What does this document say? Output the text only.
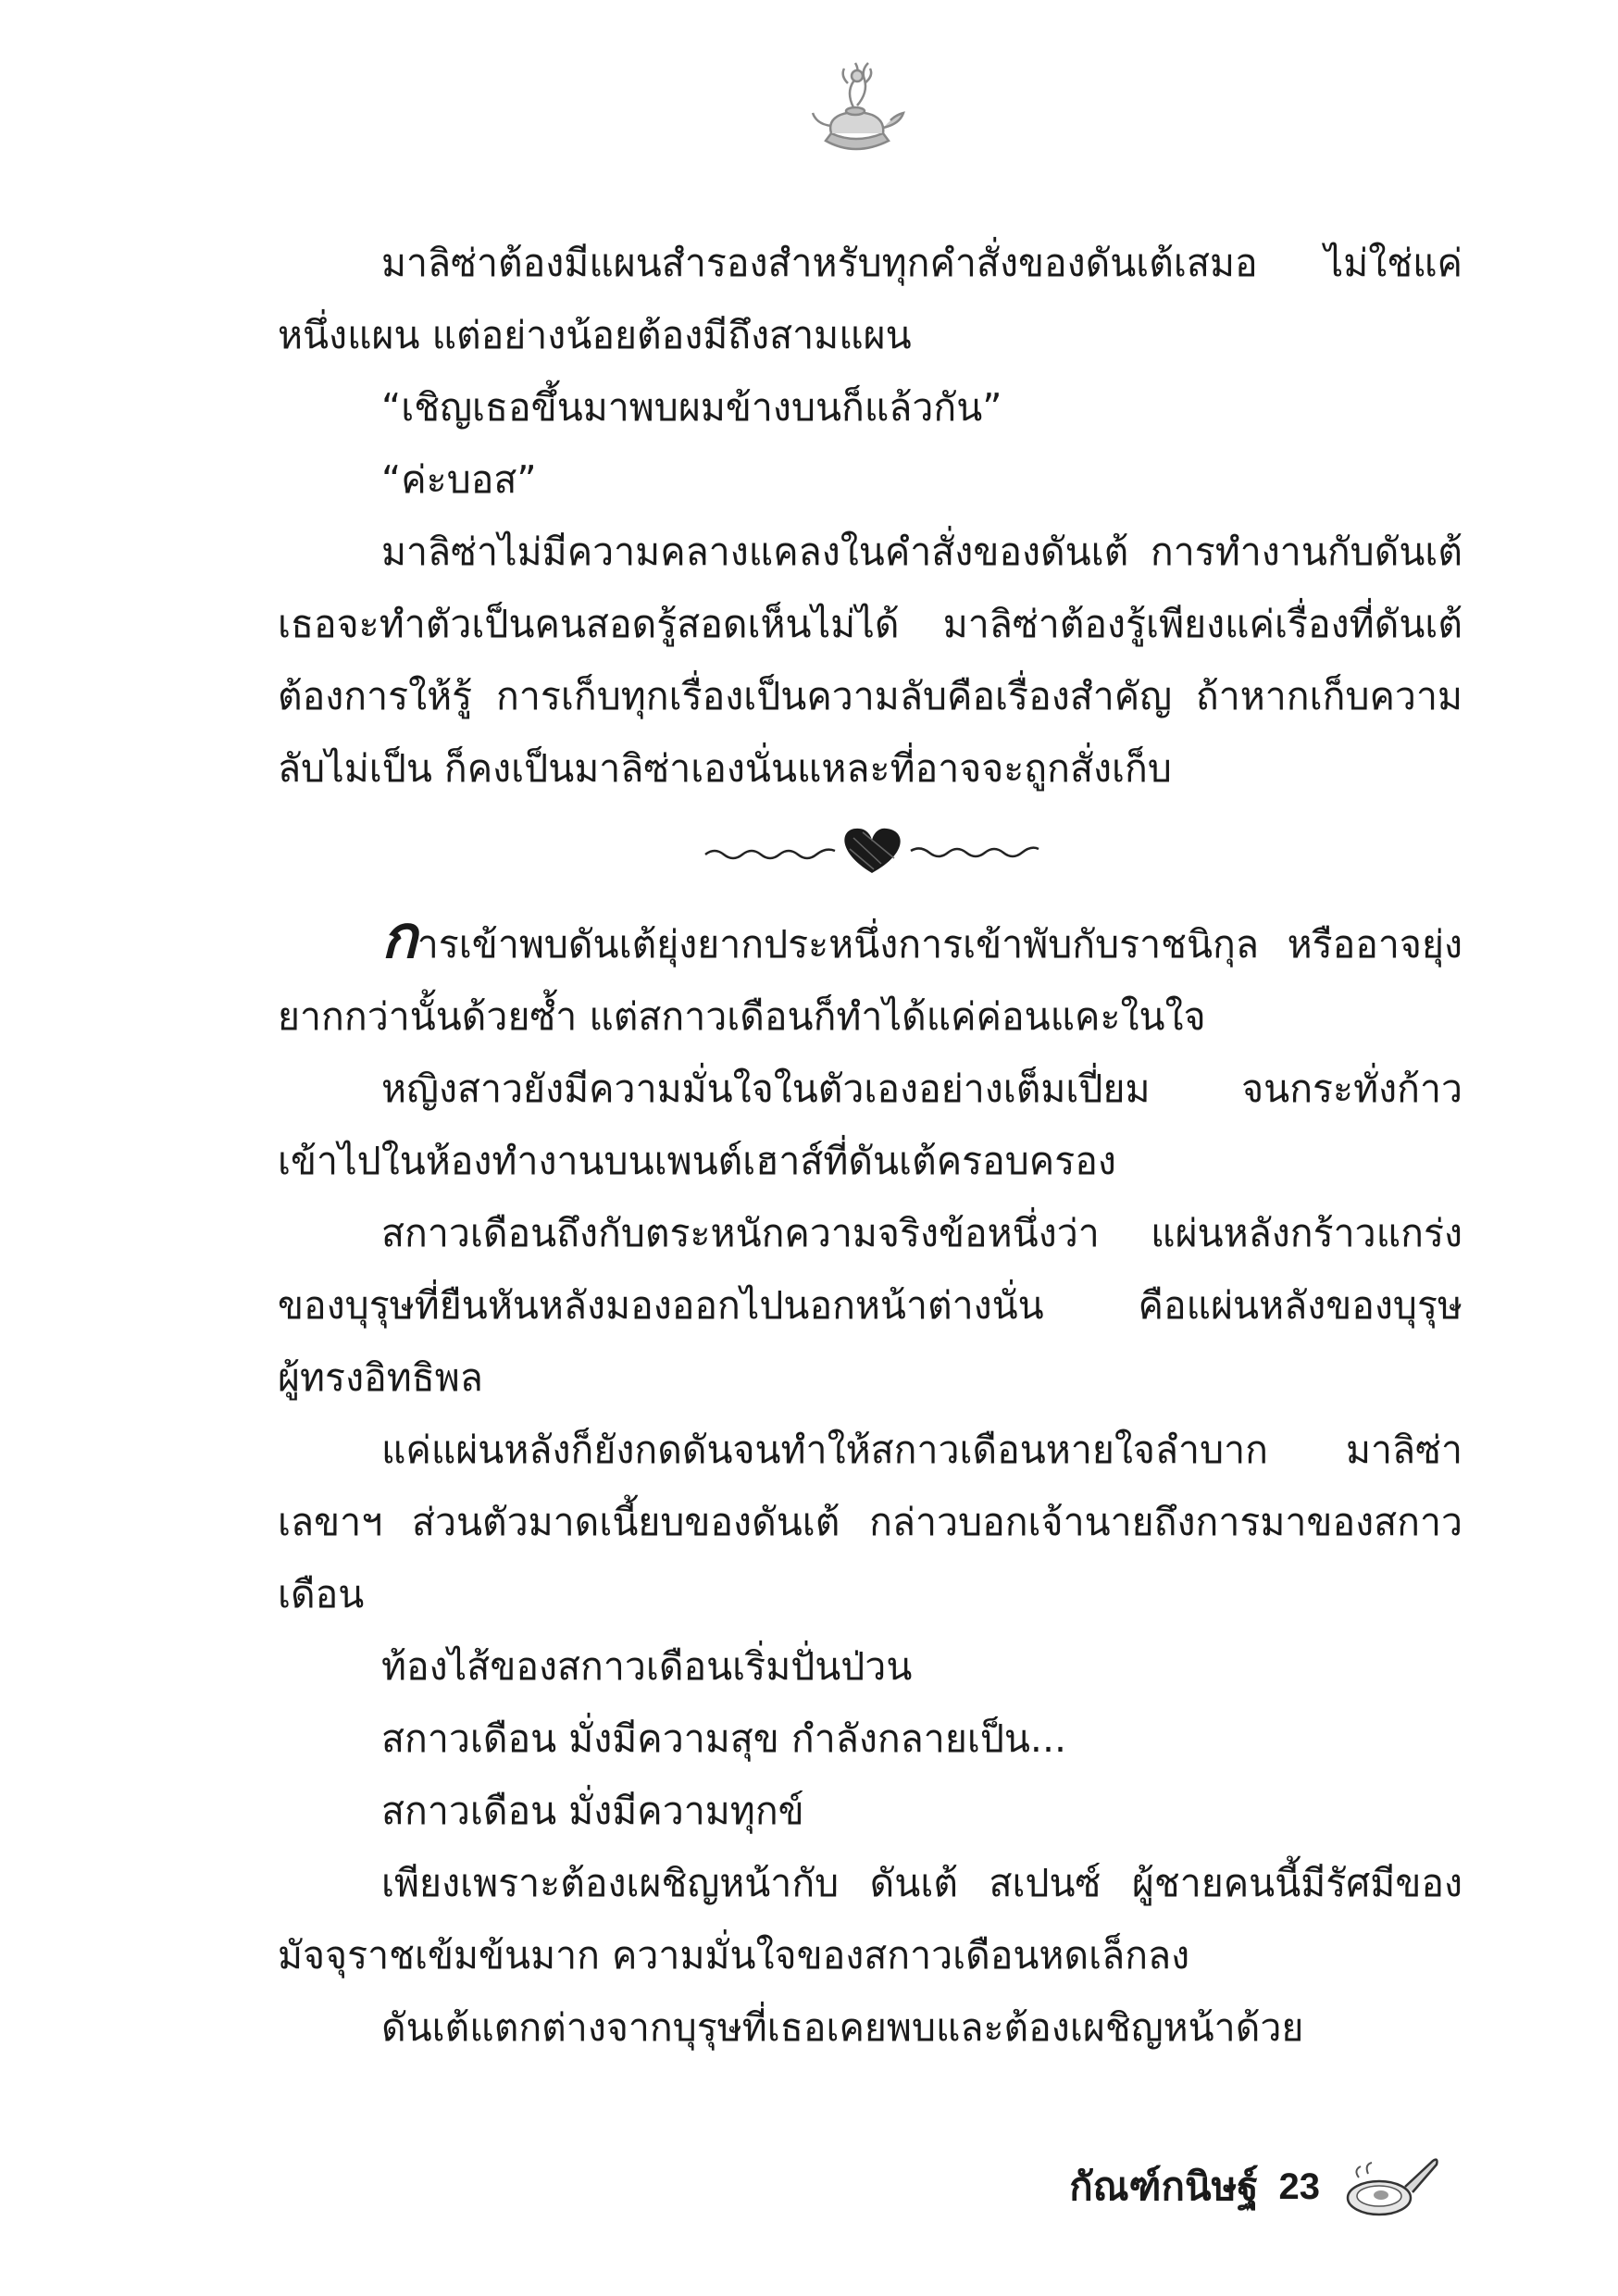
มาลิซ่าต้องมีแผนสำรองสำหรับทุกคำสั่งของดันเต้เสมอ ไม่ใช่แค่หนึ่งแผน แต่อย่างน้อยต้องมีถึงสามแผน

“เชิญเธอขึ้นมาพบผมข้างบนก็แล้วกัน”

“ค่ะบอส”

มาลิซ่าไม่มีความคลางแคลงในคำสั่งของดันเต้ การทำงานกับดันเต้ เธอจะทำตัวเป็นคนสอดรู้สอดเห็นไม่ได้ มาลิซ่าต้องรู้เพียงแค่เรื่องที่ดันเต้ต้องการให้รู้ การเก็บทุกเรื่องเป็นความลับคือเรื่องสำคัญ ถ้าหากเก็บความลับไม่เป็น ก็คงเป็นมาลิซ่าเองนั่นแหละที่อาจจะถูกสั่งเก็บ

การเข้าพบดันเต้ยุ่งยากประหนึ่งการเข้าพับกับราชนิกุล หรืออาจยุ่งยากกว่านั้นด้วยซ้ำ แต่สกาวเดือนก็ทำได้แค่ค่อนแคะในใจ

หญิงสาวยังมีความมั่นใจในตัวเองอย่างเต็มเปี่ยม จนกระทั่งก้าวเข้าไปในห้องทำงานบนเพนต์เฮาส์ที่ดันเต้ครอบครอง

สกาวเดือนถึงกับตระหนักความจริงข้อหนึ่งว่า แผ่นหลังกร้าวแกร่งของบุรุษที่ยืนหันหลังมองออกไปนอกหน้าต่างนั่น คือแผ่นหลังของบุรุษผู้ทรงอิทธิพล

แค่แผ่นหลังก็ยังกดดันจนทำให้สกาวเดือนหายใจลำบาก มาลิซ่าเลขาฯ ส่วนตัวมาดเนี้ยบของดันเต้ กล่าวบอกเจ้านายถึงการมาของสกาวเดือน

ท้องไส้ของสกาวเดือนเริ่มปั่นป่วน

สกาวเดือน มั่งมีความสุข กำลังกลายเป็น...

สกาวเดือน มั่งมีความทุกข์

เพียงเพราะต้องเผชิญหน้ากับ ดันเต้ สเปนซ์ ผู้ชายคนนี้มีรัศมีของมัจจุราชเข้มข้นมาก ความมั่นใจของสกาวเดือนหดเล็กลง

ดันเต้แตกต่างจากบุรุษที่เธอเคยพบและต้องเผชิญหน้าด้วย

กัณฑ์กนิษฐ์ 23
